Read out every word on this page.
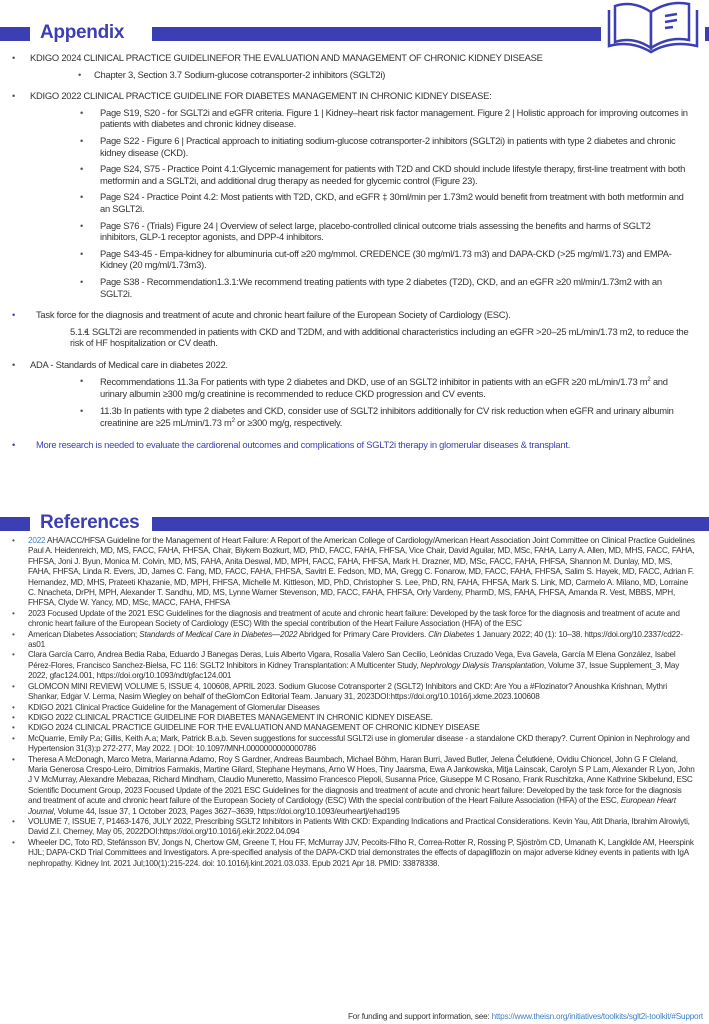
Appendix
• KDIGO 2024 CLINICAL PRACTICE GUIDELINEFOR THE EVALUATION AND MANAGEMENT OF CHRONIC KIDNEY DISEASE
• Chapter 3, Section 3.7 Sodium-glucose cotransporter-2 inhibitors (SGLT2i)
• KDIGO 2022 CLINICAL PRACTICE GUIDELINE FOR DIABETES MANAGEMENT IN CHRONIC KIDNEY DISEASE:
• Page S19, S20 - for SGLT2i and eGFR criteria. Figure 1 | Kidney–heart risk factor management. Figure 2 | Holistic approach for improving outcomes in patients with diabetes and chronic kidney disease.
• Page S22 - Figure 6 | Practical approach to initiating sodium-glucose cotransporter-2 inhibitors (SGLT2i) in patients with type 2 diabetes and chronic kidney disease (CKD).
• Page S24, S75 - Practice Point 4.1:Glycemic management for patients with T2D and CKD should include lifestyle therapy, first-line treatment with both metformin and a SGLT2i, and additional drug therapy as needed for glycemic control (Figure 23).
• Page S24 - Practice Point 4.2: Most patients with T2D, CKD, and eGFR ‡ 30ml/min per 1.73m2 would benefit from treatment with both metformin and an SGLT2i.
• Page S76 - (Trials) Figure 24 | Overview of select large, placebo-controlled clinical outcome trials assessing the benefits and harms of SGLT2 inhibitors, GLP-1 receptor agonists, and DPP-4 inhibitors.
• Page S43-45 - Empa-kidney for albuminuria cut-off ≥20 mg/mmol. CREDENCE (30 mg/ml/1.73 m3) and DAPA-CKD (>25 mg/ml/1.73) and EMPA-Kidney (20 mg/ml/1.73m3).
• Page S38 - Recommendation1.3.1:We recommend treating patients with type 2 diabetes (T2D), CKD, and an eGFR ≥20 ml/min/1.73m2 with an SGLT2i.
• Task force for the diagnosis and treatment of acute and chronic heart failure of the European Society of Cardiology (ESC).
• 5.1.1 SGLT2i are recommended in patients with CKD and T2DM, and with additional characteristics including an eGFR >20–25 mL/min/1.73 m2, to reduce the risk of HF hospitalization or CV death.
• ADA - Standards of Medical care in diabetes 2022.
• Recommendations 11.3a For patients with type 2 diabetes and DKD, use of an SGLT2 inhibitor in patients with an eGFR ≥20 mL/min/1.73 $m^2$ and urinary albumin ≥300 mg/g creatinine is recommended to reduce CKD progression and CV events.
• 11.3b In patients with type 2 diabetes and CKD, consider use of SGLT2 inhibitors additionally for CV risk reduction when eGFR and urinary albumin creatinine are ≥25 mL/min/1.73 $m^2$ or ≥300 mg/g, respectively.
• More research is needed to evaluate the cardiorenal outcomes and complications of SGLT2i therapy in glomerular diseases & transplant.
References
• 2022 AHA/ACC/HFSA Guideline for the Management of Heart Failure: A Report of the American College of Cardiology/American Heart Association Joint Committee on Clinical Practice Guidelines Paul A. Heidenreich, MD, MS, FACC, FAHA, FHFSA, Chair, Biykem Bozkurt, MD, PhD, FACC, FAHA, FHFSA, Vice Chair, David Aguilar, MD, MSc, FAHA, Larry A. Allen, MD, MHS, FACC, FAHA, FHFSA, Joni J. Byun, Monica M. Colvin, MD, MS, FAHA, Anita Deswal, MD, MPH, FACC, FAHA, FHFSA, Mark H. Drazner, MD, MSc, FACC, FAHA, FHFSA, Shannon M. Dunlay, MD, MS, FAHA, FHFSA, Linda R. Evers, JD, James C. Fang, MD, FACC, FAHA, FHFSA, Savitri E. Fedson, MD, MA, Gregg C. Fonarow, MD, FACC, FAHA, FHFSA, Salim S. Hayek, MD, FACC, Adrian F. Hernandez, MD, MHS, Prateeti Khazanie, MD, MPH, FHFSA, Michelle M. Kittleson, MD, PhD, Christopher S. Lee, PhD, RN, FAHA, FHFSA, Mark S. Link, MD, Carmelo A. Milano, MD, Lorraine C. Nnacheta, DrPH, MPH, Alexander T. Sandhu, MD, MS, Lynne Warner Stevenson, MD, FACC, FAHA, FHFSA, Orly Vardeny, PharmD, MS, FAHA, FHFSA, Amanda R. Vest, MBBS, MPH, FHFSA, Clyde W. Yancy, MD, MSc, MACC, FAHA, FHFSA
• 2023 Focused Update of the 2021 ESC Guidelines for the diagnosis and treatment of acute and chronic heart failure: Developed by the task force for the diagnosis and treatment of acute and chronic heart failure of the European Society of Cardiology (ESC) With the special contribution of the Heart Failure Association (HFA) of the ESC
• American Diabetes Association; Standards of Medical Care in Diabetes—2022 Abridged for Primary Care Providers. Clin Diabetes 1 January 2022; 40 (1): 10–38. https://doi.org/10.2337/cd22-as01
• Clara García Carro, Andrea Bedia Raba, Eduardo J Banegas Deras, Luis Alberto Vigara, Rosalía Valero San Cecilio, Leónidas Cruzado Vega, Eva Gavela, García M Elena González, Isabel Pérez-Flores, Francisco Sanchez-Bielsa, FC 116: SGLT2 Inhibitors in Kidney Transplantation: A Multicenter Study, Nephrology Dialysis Transplantation, Volume 37, Issue Supplement_3, May 2022, gfac124.001, https://doi.org/10.1093/ndt/gfac124.001
• GLOMCON MINI REVIEW| VOLUME 5, ISSUE 4, 100608, APRIL 2023. Sodium Glucose Cotransporter 2 (SGLT2) Inhibitors and CKD: Are You a #Flozinator? Anoushka Krishnan, Mythri Shankar, Edgar V. Lerma, Nasim Wiegley on behalf of theGlomCon Editorial Team. January 31, 2023DOI:https://doi.org/10.1016/j.xkme.2023.100608
• KDIGO 2021 Clinical Practice Guideline for the Management of Glomerular Diseases
• KDIGO 2022 CLINICAL PRACTICE GUIDELINE FOR DIABETES MANAGEMENT IN CHRONIC KIDNEY DISEASE.
• KDIGO 2024 CLINICAL PRACTICE GUIDELINE FOR THE EVALUATION AND MANAGEMENT OF CHRONIC KIDNEY DISEASE
• McQuarrie, Emily P.a; Gillis, Keith A.a; Mark, Patrick B.a,b. Seven suggestions for successful SGLT2i use in glomerular disease - a standalone CKD therapy?. Current Opinion in Nephrology and Hypertension 31(3):p 272-277, May 2022. | DOI: 10.1097/MNH.0000000000000786
• Theresa A McDonagh, Marco Metra, Marianna Adamo, Roy S Gardner, Andreas Baumbach, Michael Böhm, Haran Burri, Javed Butler, Jelena Čelutkienė, Ovidiu Chioncel, John G F Cleland, Maria Generosa Crespo-Leiro, Dimitrios Farmakis, Martine Gilard, Stephane Heymans, Arno W Hoes, Tiny Jaarsma, Ewa A Jankowska, Mitja Lainscak, Carolyn S P Lam, Alexander R Lyon, John J V McMurray, Alexandre Mebazaa, Richard Mindham, Claudio Muneretto, Massimo Francesco Piepoli, Susanna Price, Giuseppe M C Rosano, Frank Ruschitzka, Anne Kathrine Skibelund, ESC Scientific Document Group, 2023 Focused Update of the 2021 ESC Guidelines for the diagnosis and treatment of acute and chronic heart failure: Developed by the task force for the diagnosis and treatment of acute and chronic heart failure of the European Society of Cardiology (ESC) With the special contribution of the Heart Failure Association (HFA) of the ESC, European Heart Journal, Volume 44, Issue 37, 1 October 2023, Pages 3627–3639, https://doi.org/10.1093/eurheartj/ehad195
• VOLUME 7, ISSUE 7, P1463-1476, JULY 2022, Prescribing SGLT2 Inhibitors in Patients With CKD: Expanding Indications and Practical Considerations. Kevin Yau, Atit Dharia, Ibrahim Alrowiyti, David Z.I. Cherney, May 05, 2022DOI:https://doi.org/10.1016/j.ekir.2022.04.094
• Wheeler DC, Toto RD, Stefánsson BV, Jongs N, Chertow GM, Greene T, Hou FF, McMurray JJV, Pecoits-Filho R, Correa-Rotter R, Rossing P, Sjöström CD, Umanath K, Langkilde AM, Heerspink HJL; DAPA-CKD Trial Committees and Investigators. A pre-specified analysis of the DAPA-CKD trial demonstrates the effects of dapagliflozin on major adverse kidney events in patients with IgA nephropathy. Kidney Int. 2021 Jul;100(1):215-224. doi: 10.1016/j.kint.2021.03.033. Epub 2021 Apr 18. PMID: 33878338.
For funding and support information, see: https://www.theisn.org/initiatives/toolkits/sglt2i-toolkit/#Support
